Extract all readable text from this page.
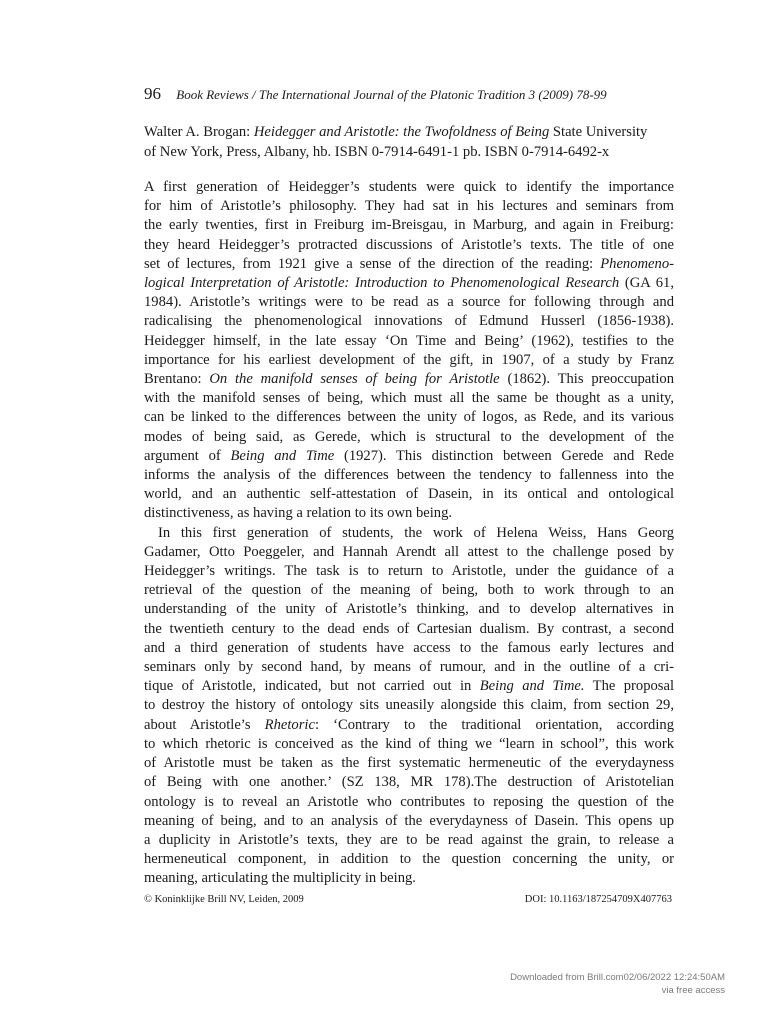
96 Book Reviews / The International Journal of the Platonic Tradition 3 (2009) 78-99
Walter A. Brogan: Heidegger and Aristotle: the Twofoldness of Being State University
of New York, Press, Albany, hb. ISBN 0-7914-6491-1 pb. ISBN 0-7914-6492-x
A first generation of Heidegger’s students were quick to identify the importance
for him of Aristotle’s philosophy. They had sat in his lectures and seminars from
the early twenties, first in Freiburg im-Breisgau, in Marburg, and again in Freiburg:
they heard Heidegger’s protracted discussions of Aristotle’s texts. The title of one
set of lectures, from 1921 give a sense of the direction of the reading: Phenomeno-
logical Interpretation of Aristotle: Introduction to Phenomenological Research (GA 61,
1984). Aristotle’s writings were to be read as a source for following through and
radicalising the phenomenological innovations of Edmund Husserl (1856-1938).
Heidegger himself, in the late essay ‘On Time and Being’ (1962), testifies to the
importance for his earliest development of the gift, in 1907, of a study by Franz
Brentano: On the manifold senses of being for Aristotle (1862). This preoccupation
with the manifold senses of being, which must all the same be thought as a unity,
can be linked to the differences between the unity of logos, as Rede, and its various
modes of being said, as Gerede, which is structural to the development of the
argument of Being and Time (1927). This distinction between Gerede and Rede
informs the analysis of the differences between the tendency to fallenness into the
world, and an authentic self-attestation of Dasein, in its ontical and ontological
distinctiveness, as having a relation to its own being.
In this first generation of students, the work of Helena Weiss, Hans Georg
Gadamer, Otto Poeggeler, and Hannah Arendt all attest to the challenge posed by
Heidegger’s writings. The task is to return to Aristotle, under the guidance of a
retrieval of the question of the meaning of being, both to work through to an
understanding of the unity of Aristotle’s thinking, and to develop alternatives in
the twentieth century to the dead ends of Cartesian dualism. By contrast, a second
and a third generation of students have access to the famous early lectures and
seminars only by second hand, by means of rumour, and in the outline of a cri-
tique of Aristotle, indicated, but not carried out in Being and Time. The proposal
to destroy the history of ontology sits uneasily alongside this claim, from section 29,
about Aristotle’s Rhetoric: ‘Contrary to the traditional orientation, according
to which rhetoric is conceived as the kind of thing we “learn in school”, this work
of Aristotle must be taken as the first systematic hermeneutic of the everydayness
of Being with one another.’ (SZ 138, MR 178).The destruction of Aristotelian
ontology is to reveal an Aristotle who contributes to reposing the question of the
meaning of being, and to an analysis of the everydayness of Dasein. This opens up
a duplicity in Aristotle’s texts, they are to be read against the grain, to release a
hermeneutical component, in addition to the question concerning the unity, or
meaning, articulating the multiplicity in being.
© Koninklijke Brill NV, Leiden, 2009	DOI: 10.1163/187254709X407763
Downloaded from Brill.com02/06/2022 12:24:50AM
via free access
